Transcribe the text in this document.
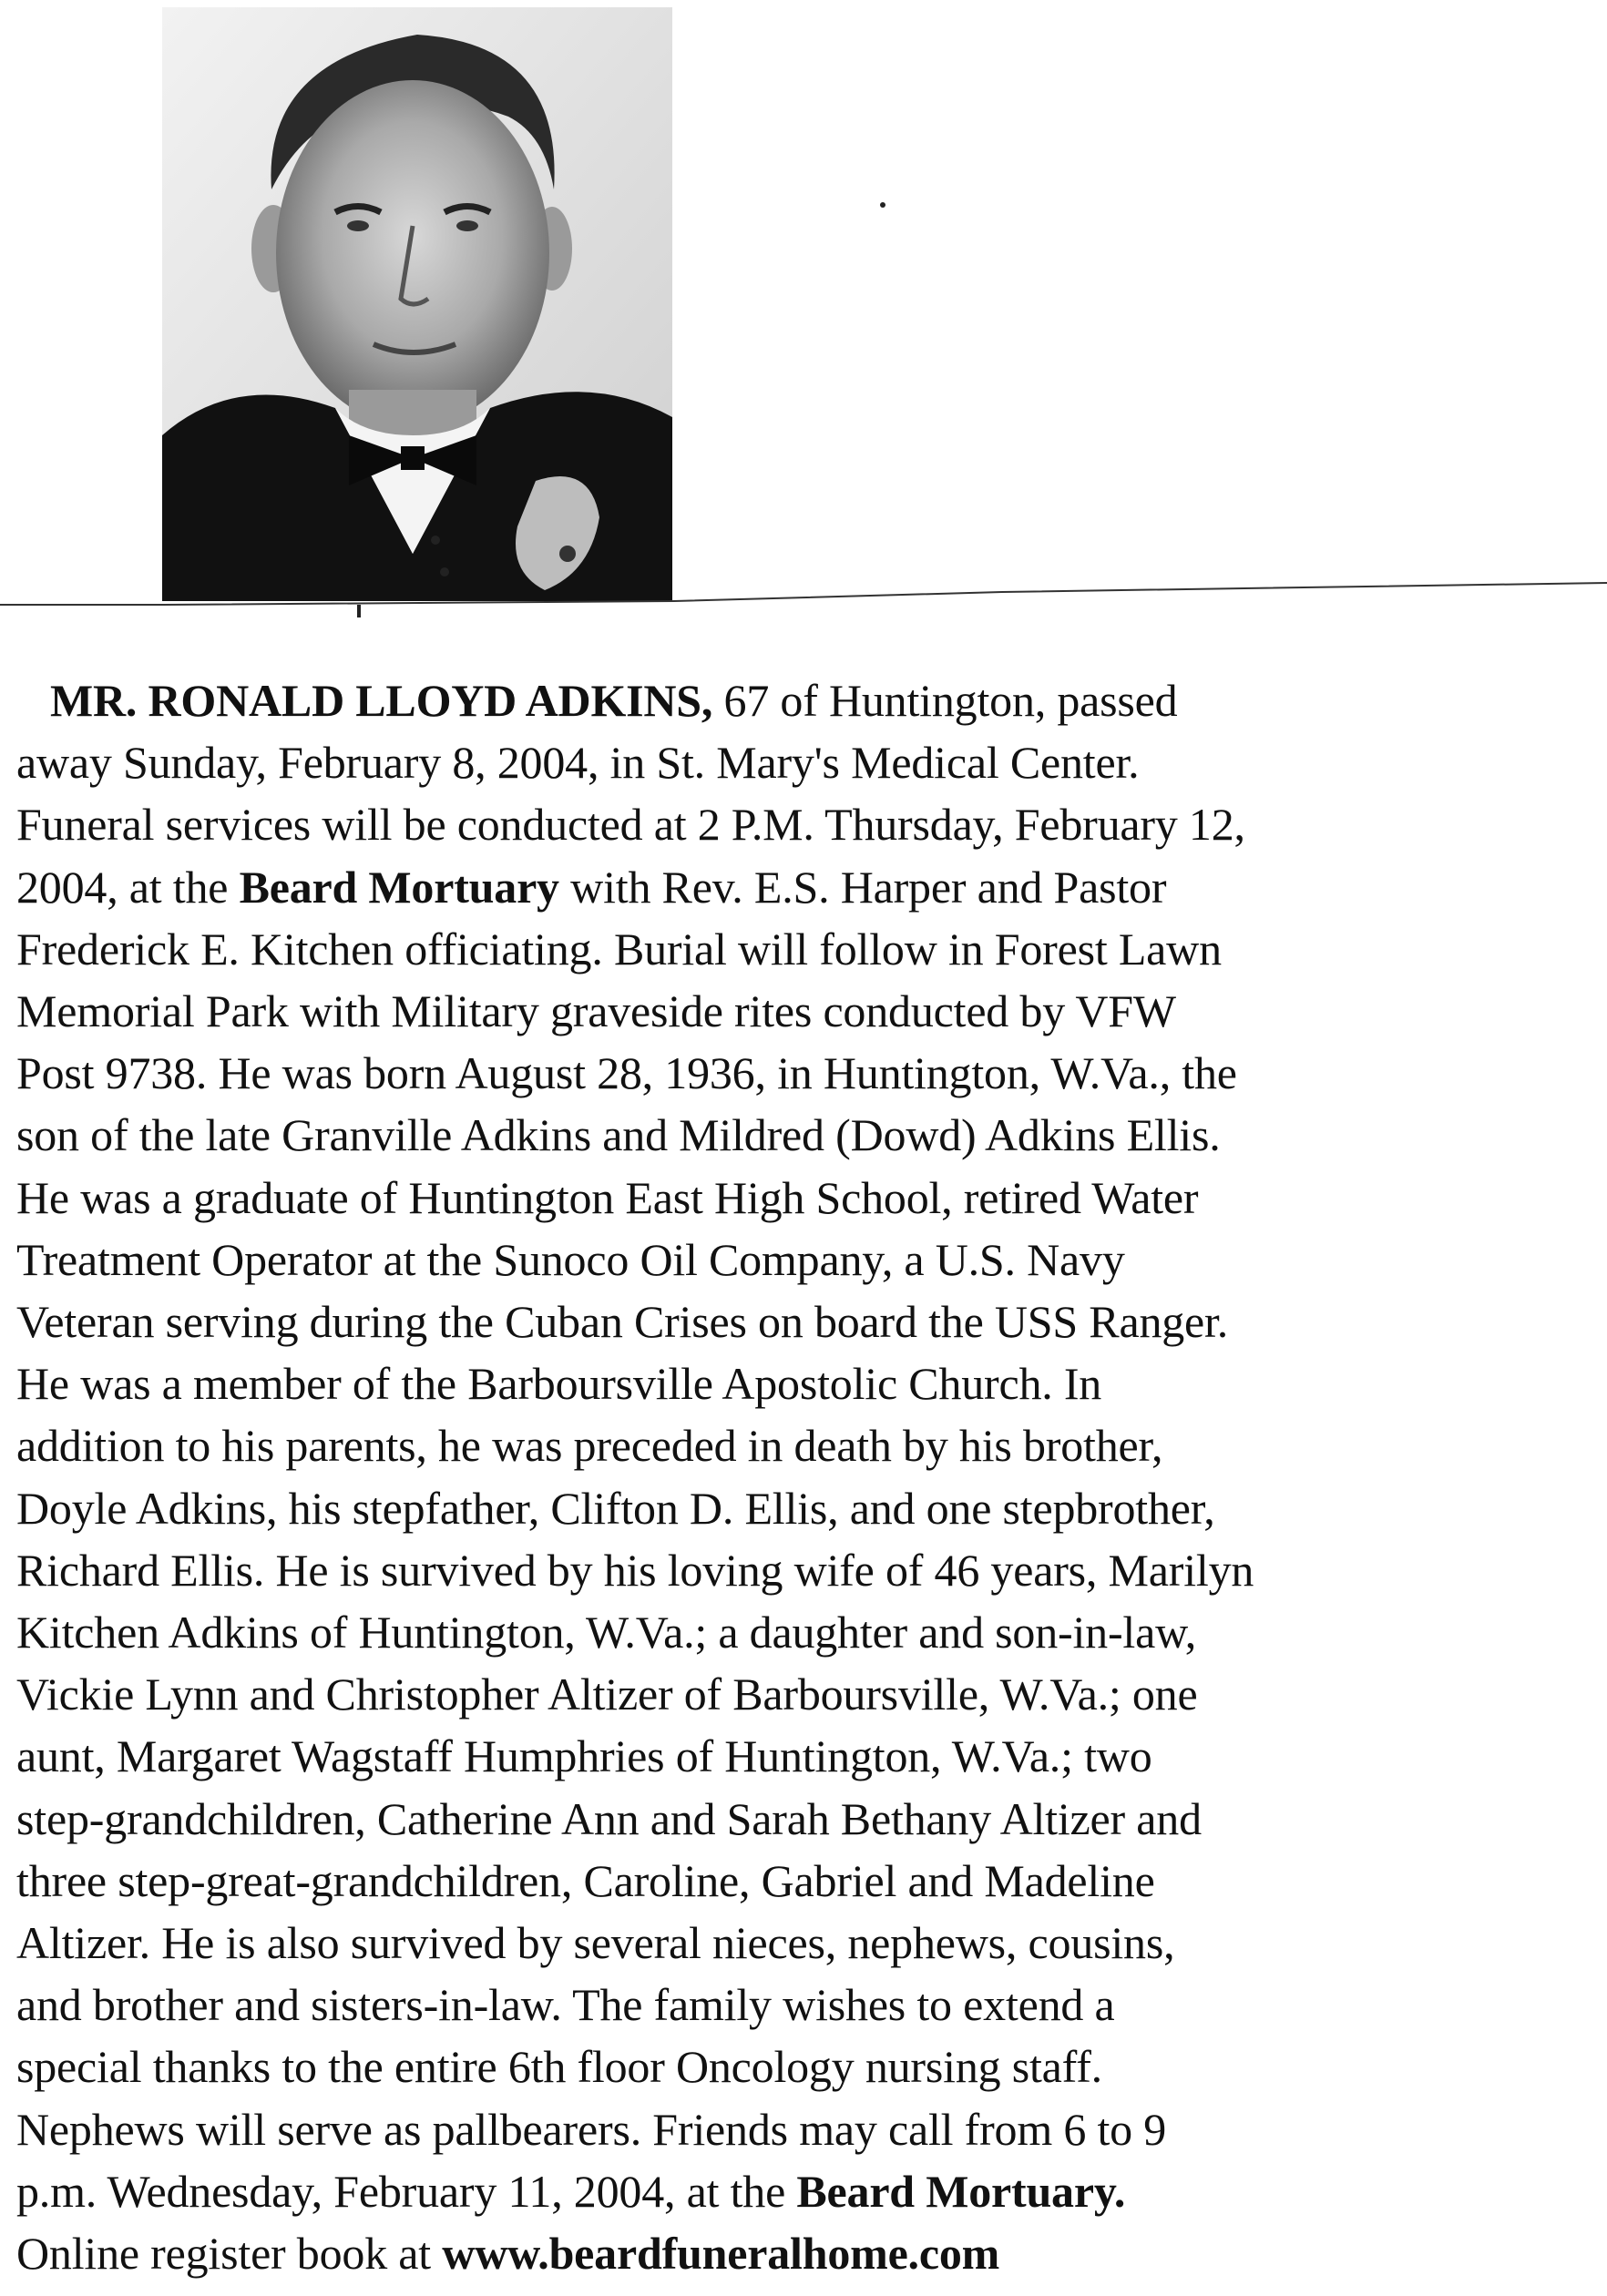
MR. RONALD LLOYD ADKINS, 67 of Huntington, passed
away Sunday, February 8, 2004, in St. Mary's Medical Center.
Funeral services will be conducted at 2 P.M. Thursday, February 12,
2004, at the Beard Mortuary with Rev. E.S. Harper and Pastor
Frederick E. Kitchen officiating. Burial will follow in Forest Lawn
Memorial Park with Military graveside rites conducted by VFW
Post 9738. He was born August 28, 1936, in Huntington, W.Va., the
son of the late Granville Adkins and Mildred (Dowd) Adkins Ellis.
He was a graduate of Huntington East High School, retired Water
Treatment Operator at the Sunoco Oil Company, a U.S. Navy
Veteran serving during the Cuban Crises on board the USS Ranger.
He was a member of the Barboursville Apostolic Church. In
addition to his parents, he was preceded in death by his brother,
Doyle Adkins, his stepfather, Clifton D. Ellis, and one stepbrother,
Richard Ellis. He is survived by his loving wife of 46 years, Marilyn
Kitchen Adkins of Huntington, W.Va.; a daughter and son-in-law,
Vickie Lynn and Christopher Altizer of Barboursville, W.Va.; one
aunt, Margaret Wagstaff Humphries of Huntington, W.Va.; two
step-grandchildren, Catherine Ann and Sarah Bethany Altizer and
three step-great-grandchildren, Caroline, Gabriel and Madeline
Altizer. He is also survived by several nieces, nephews, cousins,
and brother and sisters-in-law. The family wishes to extend a
special thanks to the entire 6th floor Oncology nursing staff.
Nephews will serve as pallbearers. Friends may call from 6 to 9
p.m. Wednesday, February 11, 2004, at the Beard Mortuary.
Online register book at www.beardfuneralhome.com
